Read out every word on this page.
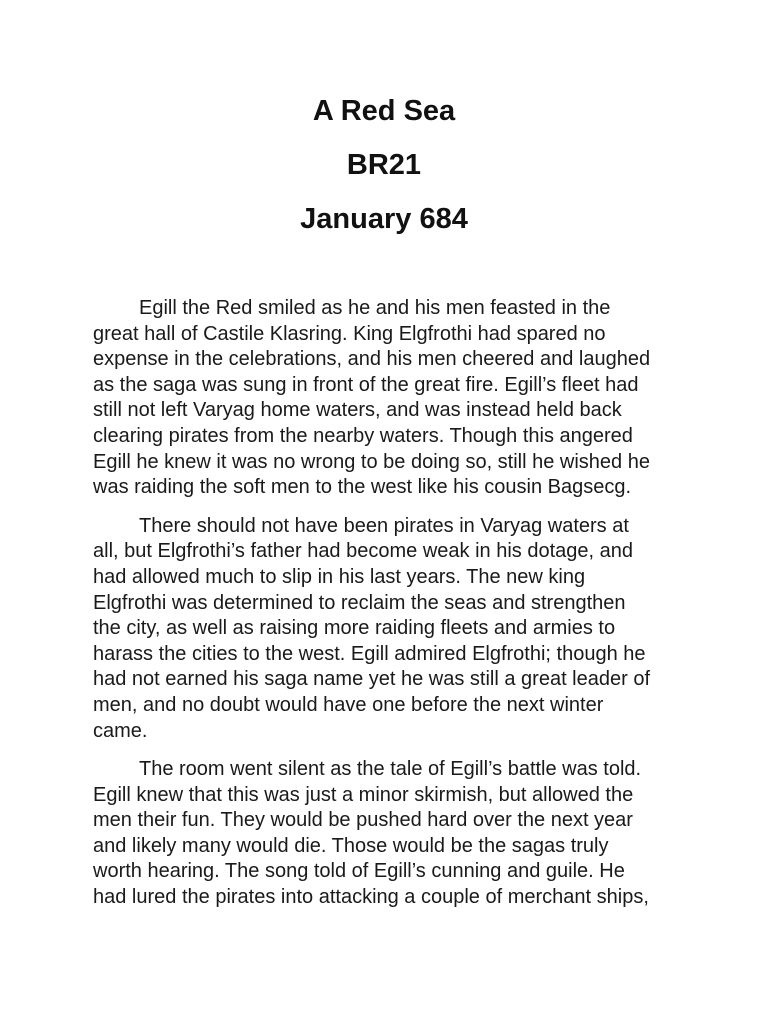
A Red Sea

BR21

January 684

Egill the Red smiled as he and his men feasted in the
great hall of Castile Klasring. King Elgfrothi had spared no
expense in the celebrations, and his men cheered and laughed
as the saga was sung in front of the great fire. Egill’s fleet had
still not left Varyag home waters, and was instead held back
clearing pirates from the nearby waters. Though this angered
Egill he knew it was no wrong to be doing so, still he wished he
was raiding the soft men to the west like his cousin Bagsecg.
There should not have been pirates in Varyag waters at
all, but Elgfrothi’s father had become weak in his dotage, and
had allowed much to slip in his last years. The new king
Elgfrothi was determined to reclaim the seas and strengthen
the city, as well as raising more raiding fleets and armies to
harass the cities to the west. Egill admired Elgfrothi; though he
had not earned his saga name yet he was still a great leader of
men, and no doubt would have one before the next winter
came.
The room went silent as the tale of Egill’s battle was told.
Egill knew that this was just a minor skirmish, but allowed the
men their fun. They would be pushed hard over the next year
and likely many would die. Those would be the sagas truly
worth hearing. The song told of Egill’s cunning and guile. He
had lured the pirates into attacking a couple of merchant ships,
